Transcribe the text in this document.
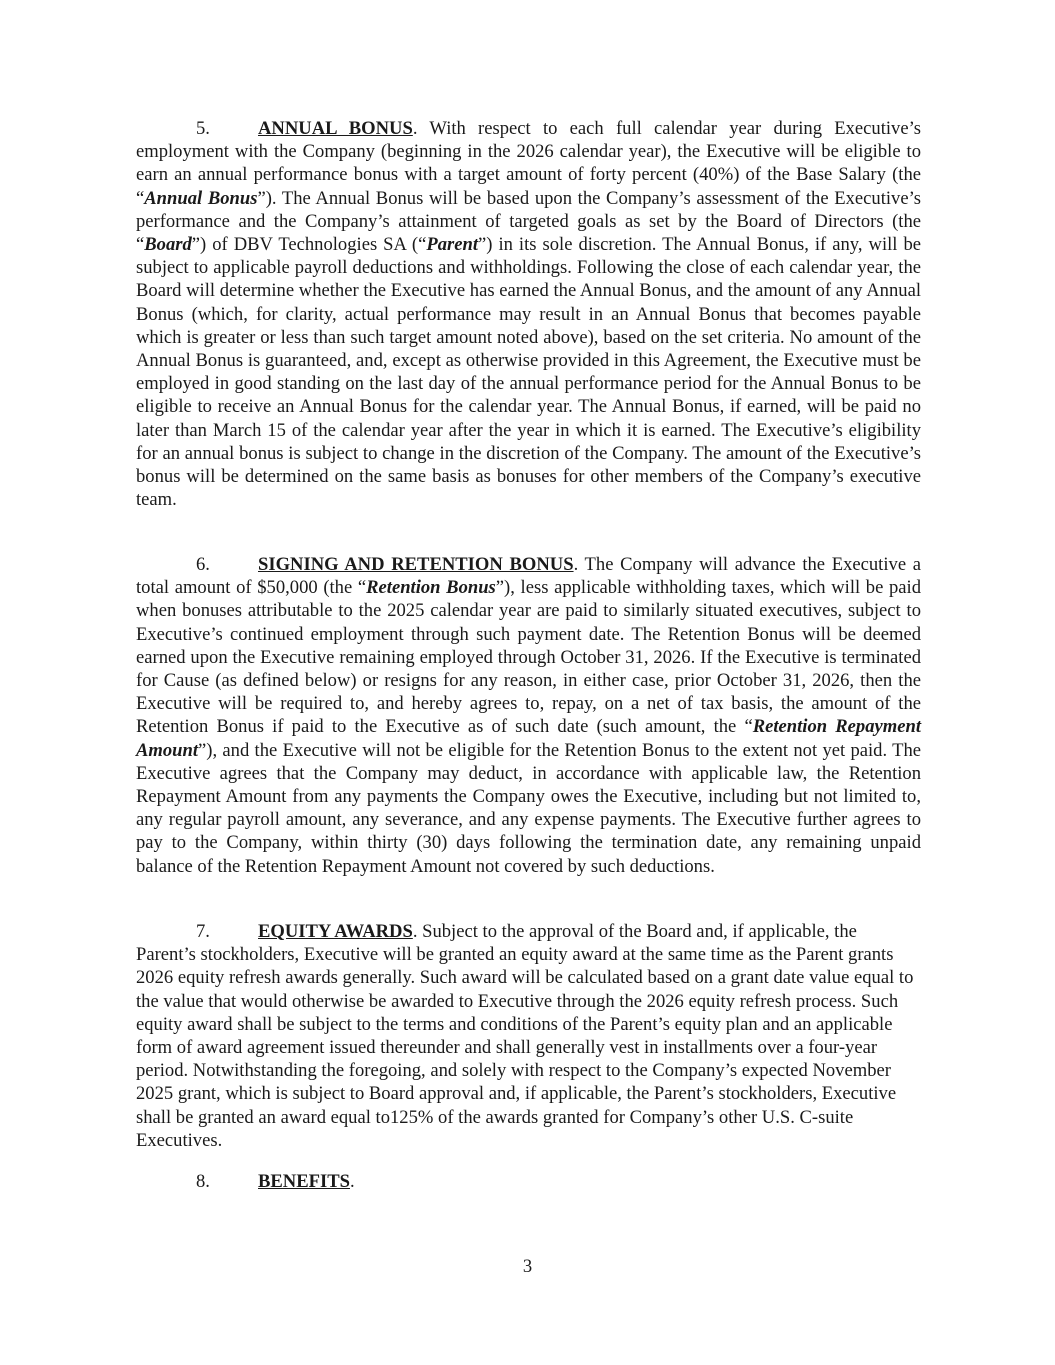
5.	ANNUAL BONUS. With respect to each full calendar year during Executive’s employment with the Company (beginning in the 2026 calendar year), the Executive will be eligible to earn an annual performance bonus with a target amount of forty percent (40%) of the Base Salary (the “Annual Bonus”). The Annual Bonus will be based upon the Company’s assessment of the Executive’s performance and the Company’s attainment of targeted goals as set by the Board of Directors (the “Board”) of DBV Technologies SA (“Parent”) in its sole discretion. The Annual Bonus, if any, will be subject to applicable payroll deductions and withholdings. Following the close of each calendar year, the Board will determine whether the Executive has earned the Annual Bonus, and the amount of any Annual Bonus (which, for clarity, actual performance may result in an Annual Bonus that becomes payable which is greater or less than such target amount noted above), based on the set criteria. No amount of the Annual Bonus is guaranteed, and, except as otherwise provided in this Agreement, the Executive must be employed in good standing on the last day of the annual performance period for the Annual Bonus to be eligible to receive an Annual Bonus for the calendar year. The Annual Bonus, if earned, will be paid no later than March 15 of the calendar year after the year in which it is earned. The Executive’s eligibility for an annual bonus is subject to change in the discretion of the Company. The amount of the Executive’s bonus will be determined on the same basis as bonuses for other members of the Company’s executive team.

6.	SIGNING AND RETENTION BONUS. The Company will advance the Executive a total amount of $50,000 (the “Retention Bonus”), less applicable withholding taxes, which will be paid when bonuses attributable to the 2025 calendar year are paid to similarly situated executives, subject to Executive’s continued employment through such payment date. The Retention Bonus will be deemed earned upon the Executive remaining employed through October 31, 2026. If the Executive is terminated for Cause (as defined below) or resigns for any reason, in either case, prior October 31, 2026, then the Executive will be required to, and hereby agrees to, repay, on a net of tax basis, the amount of the Retention Bonus if paid to the Executive as of such date (such amount, the “Retention Repayment Amount”), and the Executive will not be eligible for the Retention Bonus to the extent not yet paid. The Executive agrees that the Company may deduct, in accordance with applicable law, the Retention Repayment Amount from any payments the Company owes the Executive, including but not limited to, any regular payroll amount, any severance, and any expense payments. The Executive further agrees to pay to the Company, within thirty (30) days following the termination date, any remaining unpaid balance of the Retention Repayment Amount not covered by such deductions.

7.	EQUITY AWARDS. Subject to the approval of the Board and, if applicable, the Parent’s stockholders, Executive will be granted an equity award at the same time as the Parent grants 2026 equity refresh awards generally. Such award will be calculated based on a grant date value equal to the value that would otherwise be awarded to Executive through the 2026 equity refresh process. Such equity award shall be subject to the terms and conditions of the Parent’s equity plan and an applicable form of award agreement issued thereunder and shall generally vest in installments over a four-year period. Notwithstanding the foregoing, and solely with respect to the Company’s expected November 2025 grant, which is subject to Board approval and, if applicable, the Parent’s stockholders, Executive shall be granted an award equal to125% of the awards granted for Company’s other U.S. C-suite Executives.

8.	BENEFITS.

3
